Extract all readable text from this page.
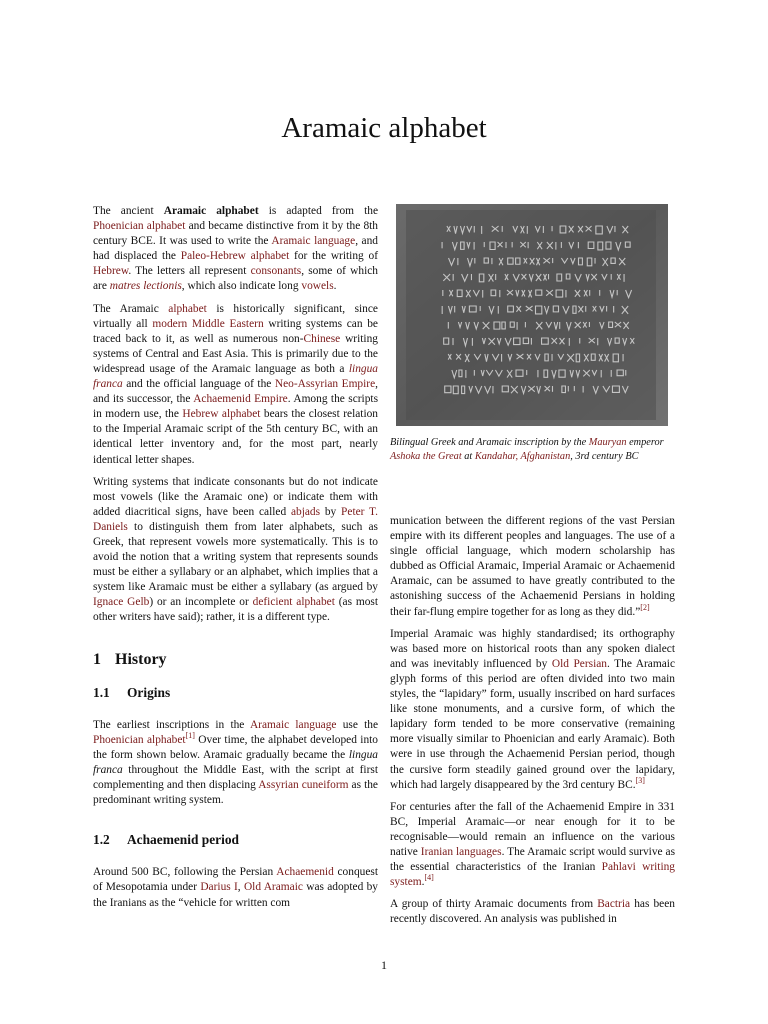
Aramaic alphabet
Bilingual Greek and Aramaic inscription by the Mauryan emperor Ashoka the Great at Kandahar, Afghanistan, 3rd century BC

The ancient Aramaic alphabet is adapted from the Phoenician alphabet and became distinctive from it by the 8th century BCE. It was used to write the Aramaic language, and had displaced the Paleo-Hebrew alphabet for the writing of Hebrew. The letters all represent consonants, some of which are matres lectionis, which also indicate long vowels.

The Aramaic alphabet is historically significant, since virtually all modern Middle Eastern writing systems can be traced back to it, as well as numerous non-Chinese writing systems of Central and East Asia. This is primarily due to the widespread usage of the Aramaic language as both a lingua franca and the official language of the Neo-Assyrian Empire, and its successor, the Achaemenid Empire. Among the scripts in modern use, the Hebrew alphabet bears the closest relation to the Imperial Aramaic script of the 5th century BC, with an identical letter inventory and, for the most part, nearly identical letter shapes.

Writing systems that indicate consonants but do not indicate most vowels (like the Aramaic one) or indicate them with added diacritical signs, have been called abjads by Peter T. Daniels to distinguish them from later alphabets, such as Greek, that represent vowels more systematically. This is to avoid the notion that a writing system that represents sounds must be either a syllabary or an alphabet, which implies that a system like Aramaic must be either a syllabary (as argued by Ignace Gelb) or an incomplete or deficient alphabet (as most other writers have said); rather, it is a different type.

1 History
1.1 Origins

The earliest inscriptions in the Aramaic language use the Phoenician alphabet[1] Over time, the alphabet developed into the form shown below. Aramaic gradually became the lingua franca throughout the Middle East, with the script at first complementing and then displacing Assyrian cuneiform as the predominant writing system.

1.2 Achaemenid period

Around 500 BC, following the Persian Achaemenid conquest of Mesopotamia under Darius I, Old Aramaic was adopted by the Iranians as the “vehicle for written com

munication between the different regions of the vast Persian empire with its different peoples and languages. The use of a single official language, which modern scholarship has dubbed as Official Aramaic, Imperial Aramaic or Achaemenid Aramaic, can be assumed to have greatly contributed to the astonishing success of the Achaemenid Persians in holding their far-flung empire together for as long as they did.”[2]

Imperial Aramaic was highly standardised; its orthography was based more on historical roots than any spoken dialect and was inevitably influenced by Old Persian. The Aramaic glyph forms of this period are often divided into two main styles, the “lapidary” form, usually inscribed on hard surfaces like stone monuments, and a cursive form, of which the lapidary form tended to be more conservative (remaining more visually similar to Phoenician and early Aramaic). Both were in use through the Achaemenid Persian period, though the cursive form steadily gained ground over the lapidary, which had largely disappeared by the 3rd century BC.[3]

For centuries after the fall of the Achaemenid Empire in 331 BC, Imperial Aramaic—or near enough for it to be recognisable—would remain an influence on the various native Iranian languages. The Aramaic script would survive as the essential characteristics of the Iranian Pahlavi writing system.[4]

A group of thirty Aramaic documents from Bactria has been recently discovered. An analysis was published in

1
